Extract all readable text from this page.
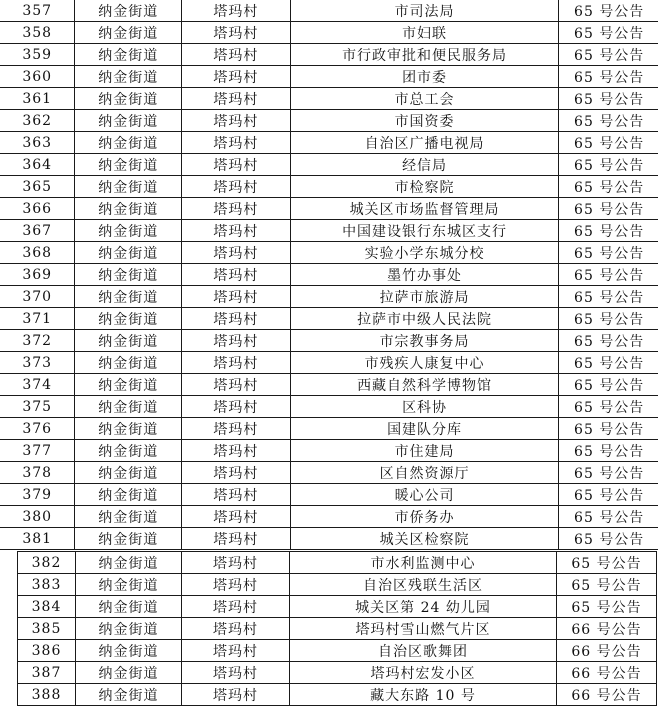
357	纳金街道	塔玛村	市司法局	65 号公告
358	纳金街道	塔玛村	市妇联	65 号公告
359	纳金街道	塔玛村	市行政审批和便民服务局	65 号公告
360	纳金街道	塔玛村	团市委	65 号公告
361	纳金街道	塔玛村	市总工会	65 号公告
362	纳金街道	塔玛村	市国资委	65 号公告
363	纳金街道	塔玛村	自治区广播电视局	65 号公告
364	纳金街道	塔玛村	经信局	65 号公告
365	纳金街道	塔玛村	市检察院	65 号公告
366	纳金街道	塔玛村	城关区市场监督管理局	65 号公告
367	纳金街道	塔玛村	中国建设银行东城区支行	65 号公告
368	纳金街道	塔玛村	实验小学东城分校	65 号公告
369	纳金街道	塔玛村	墨竹办事处	65 号公告
370	纳金街道	塔玛村	拉萨市旅游局	65 号公告
371	纳金街道	塔玛村	拉萨市中级人民法院	65 号公告
372	纳金街道	塔玛村	市宗教事务局	65 号公告
373	纳金街道	塔玛村	市残疾人康复中心	65 号公告
374	纳金街道	塔玛村	西藏自然科学博物馆	65 号公告
375	纳金街道	塔玛村	区科协	65 号公告
376	纳金街道	塔玛村	国建队分库	65 号公告
377	纳金街道	塔玛村	市住建局	65 号公告
378	纳金街道	塔玛村	区自然资源厅	65 号公告
379	纳金街道	塔玛村	暖心公司	65 号公告
380	纳金街道	塔玛村	市侨务办	65 号公告
381	纳金街道	塔玛村	城关区检察院	65 号公告
382	纳金街道	塔玛村	市水利监测中心	65 号公告
383	纳金街道	塔玛村	自治区残联生活区	65 号公告
384	纳金街道	塔玛村	城关区第 24 幼儿园	65 号公告
385	纳金街道	塔玛村	塔玛村雪山燃气片区	66 号公告
386	纳金街道	塔玛村	自治区歌舞团	66 号公告
387	纳金街道	塔玛村	塔玛村宏发小区	66 号公告
388	纳金街道	塔玛村	藏大东路 10 号	66 号公告
